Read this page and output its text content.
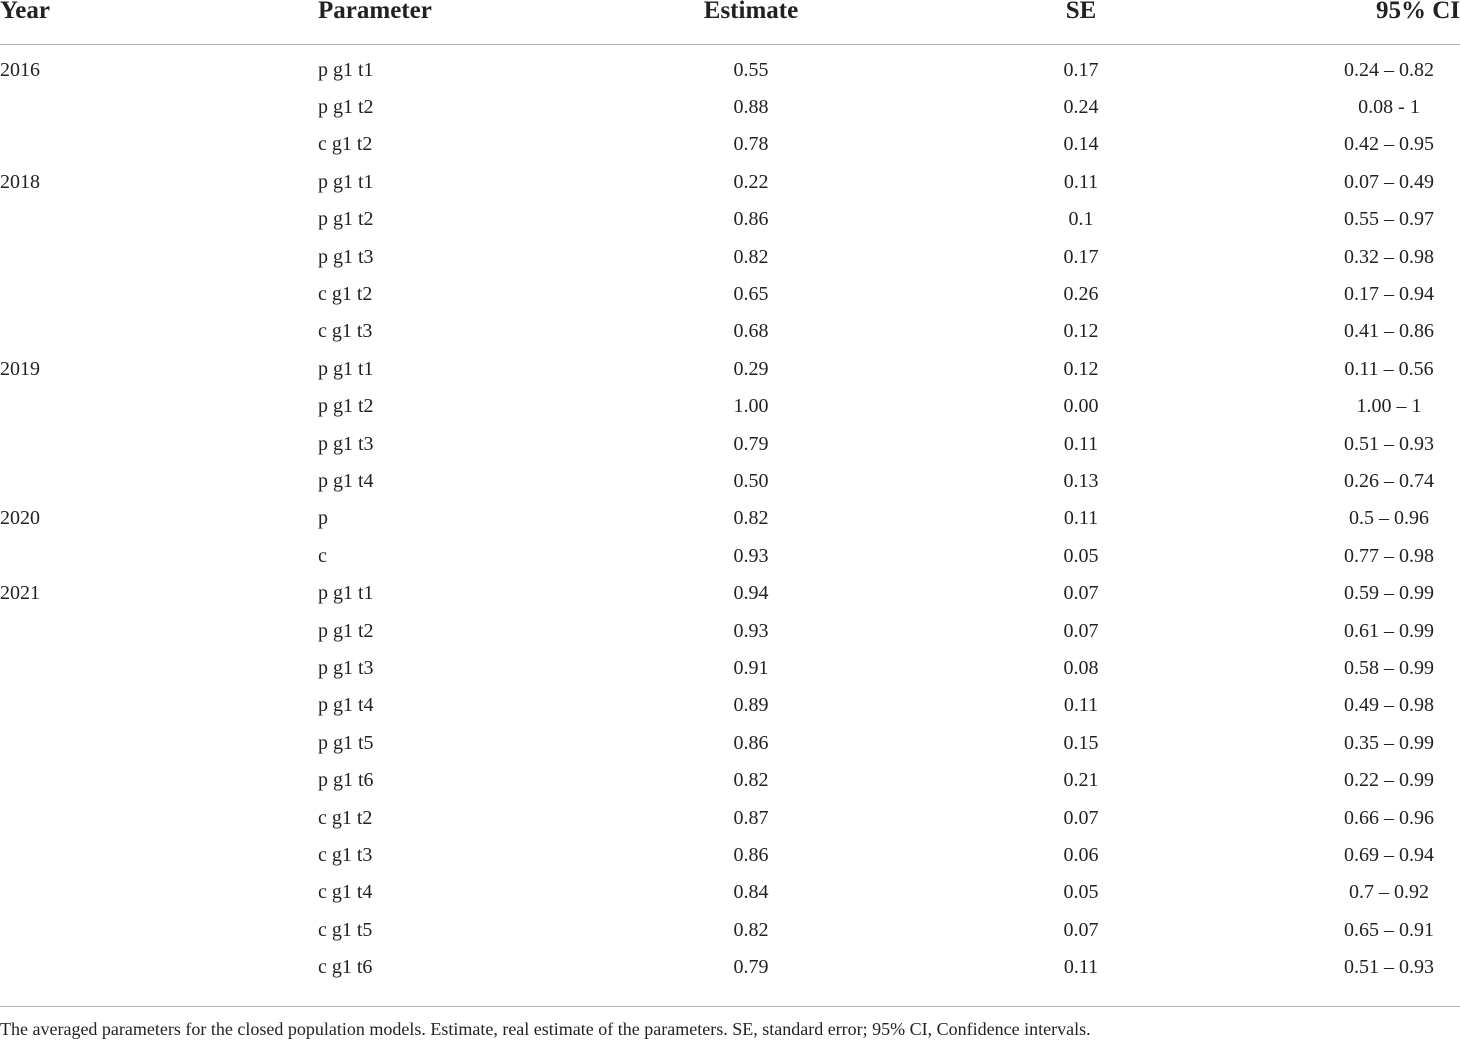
Year	Parameter	Estimate	SE	95% CI
2016	p g1 t1	0.55	0.17	0.24 – 0.82
	p g1 t2	0.88	0.24	0.08 - 1
	c g1 t2	0.78	0.14	0.42 – 0.95
2018	p g1 t1	0.22	0.11	0.07 – 0.49
	p g1 t2	0.86	0.1	0.55 – 0.97
	p g1 t3	0.82	0.17	0.32 – 0.98
	c g1 t2	0.65	0.26	0.17 – 0.94
	c g1 t3	0.68	0.12	0.41 – 0.86
2019	p g1 t1	0.29	0.12	0.11 – 0.56
	p g1 t2	1.00	0.00	1.00 – 1
	p g1 t3	0.79	0.11	0.51 – 0.93
	p g1 t4	0.50	0.13	0.26 – 0.74
2020	p	0.82	0.11	0.5 – 0.96
	c	0.93	0.05	0.77 – 0.98
2021	p g1 t1	0.94	0.07	0.59 – 0.99
	p g1 t2	0.93	0.07	0.61 – 0.99
	p g1 t3	0.91	0.08	0.58 – 0.99
	p g1 t4	0.89	0.11	0.49 – 0.98
	p g1 t5	0.86	0.15	0.35 – 0.99
	p g1 t6	0.82	0.21	0.22 – 0.99
	c g1 t2	0.87	0.07	0.66 – 0.96
	c g1 t3	0.86	0.06	0.69 – 0.94
	c g1 t4	0.84	0.05	0.7 – 0.92
	c g1 t5	0.82	0.07	0.65 – 0.91
	c g1 t6	0.79	0.11	0.51 – 0.93
The averaged parameters for the closed population models. Estimate, real estimate of the parameters. SE, standard error; 95% CI, Confidence intervals.
